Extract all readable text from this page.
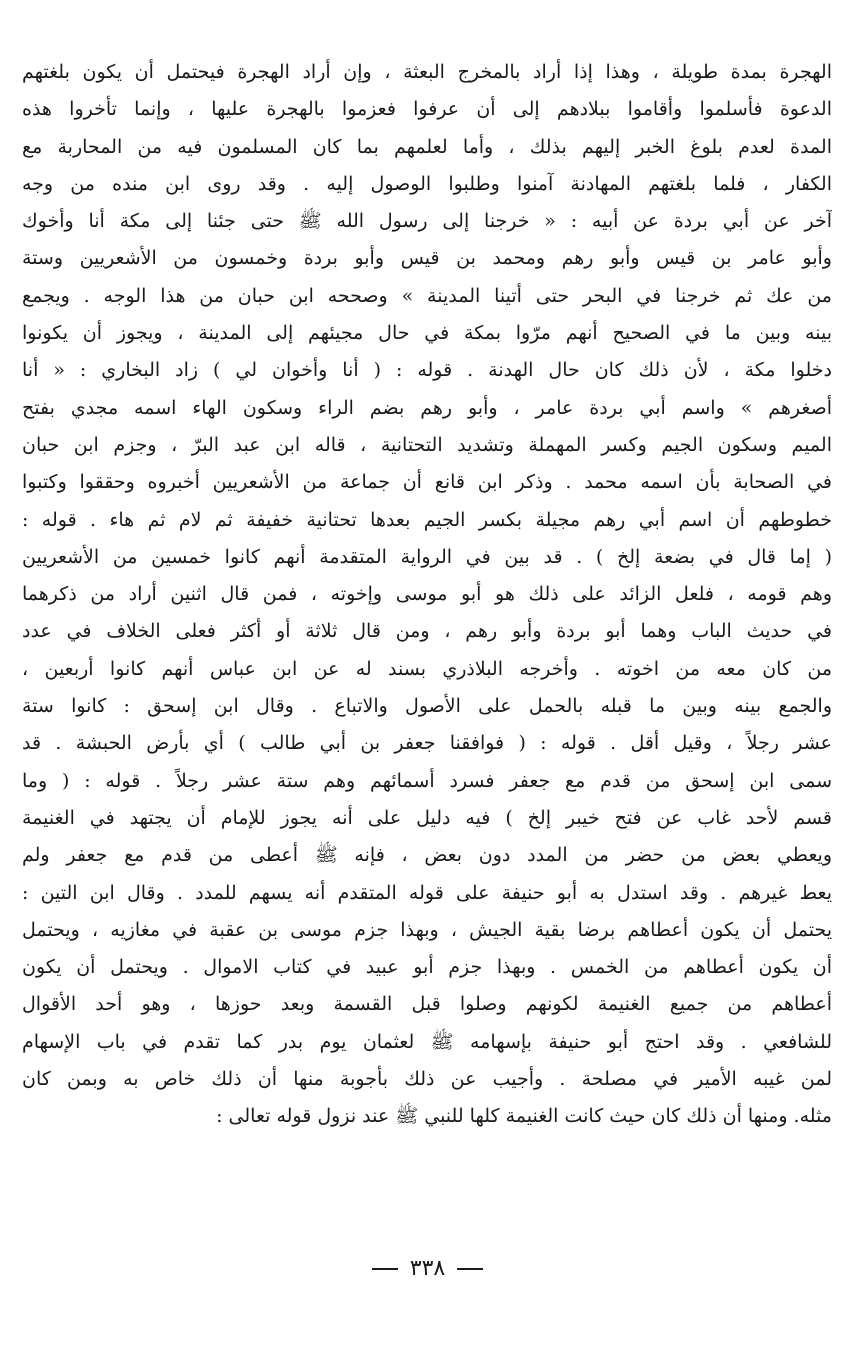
الهجرة بمدة طويلة ، وهذا إذا أراد بالمخرج البعثة ، وإن أراد الهجرة فيحتمل أن يكون بلغتهم
الدعوة فأسلموا وأقاموا ببلادهم إلى أن عرفوا فعزموا بالهجرة عليها ، وإنما تأخروا هذه
المدة لعدم بلوغ الخبر إليهم بذلك ، وأما لعلمهم بما كان المسلمون فيه من المحاربة مع
الكفار ، فلما بلغتهم المهادنة آمنوا وطلبوا الوصول إليه . وقد روى ابن منده من وجه
آخر عن أبي بردة عن أبيه : « خرجنا إلى رسول الله ﷺ حتى جئنا إلى مكة أنا وأخوك
وأبو عامر بن قيس وأبو رهم ومحمد بن قيس وأبو بردة وخمسون من الأشعريين وستة
من عك ثم خرجنا في البحر حتى أتينا المدينة » وصححه ابن حبان من هذا الوجه . ويجمع
بينه وبين ما في الصحيح أنهم مرّوا بمكة في حال مجيئهم إلى المدينة ، ويجوز أن يكونوا
دخلوا مكة ، لأن ذلك كان حال الهدنة . قوله : ( أنا وأخوان لي ) زاد البخاري : « أنا
أصغرهم » واسم أبي بردة عامر ، وأبو رهم بضم الراء وسكون الهاء اسمه مجدي بفتح
الميم وسكون الجيم وكسر المهملة وتشديد التحتانية ، قاله ابن عبد البرّ ، وجزم ابن حبان
في الصحابة بأن اسمه محمد . وذكر ابن قانع أن جماعة من الأشعريين أخبروه وحققوا وكتبوا
خطوطهم أن اسم أبي رهم مجيلة بكسر الجيم بعدها تحتانية خفيفة ثم لام ثم هاء . قوله :
( إما قال في بضعة إلخ ) . قد بين في الرواية المتقدمة أنهم كانوا خمسين من الأشعريين
وهم قومه ، فلعل الزائد على ذلك هو أبو موسى وإخوته ، فمن قال اثنين أراد من ذكرهما
في حديث الباب وهما أبو بردة وأبو رهم ، ومن قال ثلاثة أو أكثر فعلى الخلاف في عدد
من كان معه من اخوته . وأخرجه البلاذري بسند له عن ابن عباس أنهم كانوا أربعين ،
والجمع بينه وبين ما قبله بالحمل على الأصول والاتباع . وقال ابن إسحق : كانوا ستة
عشر رجلاً ، وقيل أقل . قوله : ( فوافقنا جعفر بن أبي طالب ) أي بأرض الحبشة . قد
سمى ابن إسحق من قدم مع جعفر فسرد أسمائهم وهم ستة عشر رجلاً . قوله : ( وما
قسم لأحد غاب عن فتح خيبر إلخ ) فيه دليل على أنه يجوز للإمام أن يجتهد في الغنيمة
ويعطي بعض من حضر من المدد دون بعض ، فإنه ﷺ أعطى من قدم مع جعفر ولم
يعط غيرهم . وقد استدل به أبو حنيفة على قوله المتقدم أنه يسهم للمدد . وقال ابن التين :
يحتمل أن يكون أعطاهم برضا بقية الجيش ، وبهذا جزم موسى بن عقبة في مغازيه ، ويحتمل
أن يكون أعطاهم من الخمس . وبهذا جزم أبو عبيد في كتاب الاموال . ويحتمل أن يكون
أعطاهم من جميع الغنيمة لكونهم وصلوا قبل القسمة وبعد حوزها ، وهو أحد الأقوال
للشافعي . وقد احتج أبو حنيفة بإسهامه ﷺ لعثمان يوم بدر كما تقدم في باب الإسهام
لمن غيبه الأمير في مصلحة . وأجيب عن ذلك بأجوبة منها أن ذلك خاص به وبمن كان
مثله. ومنها أن ذلك كان حيث كانت الغنيمة كلها للنبي ﷺ عند نزول قوله تعالى :
٣٣٨
